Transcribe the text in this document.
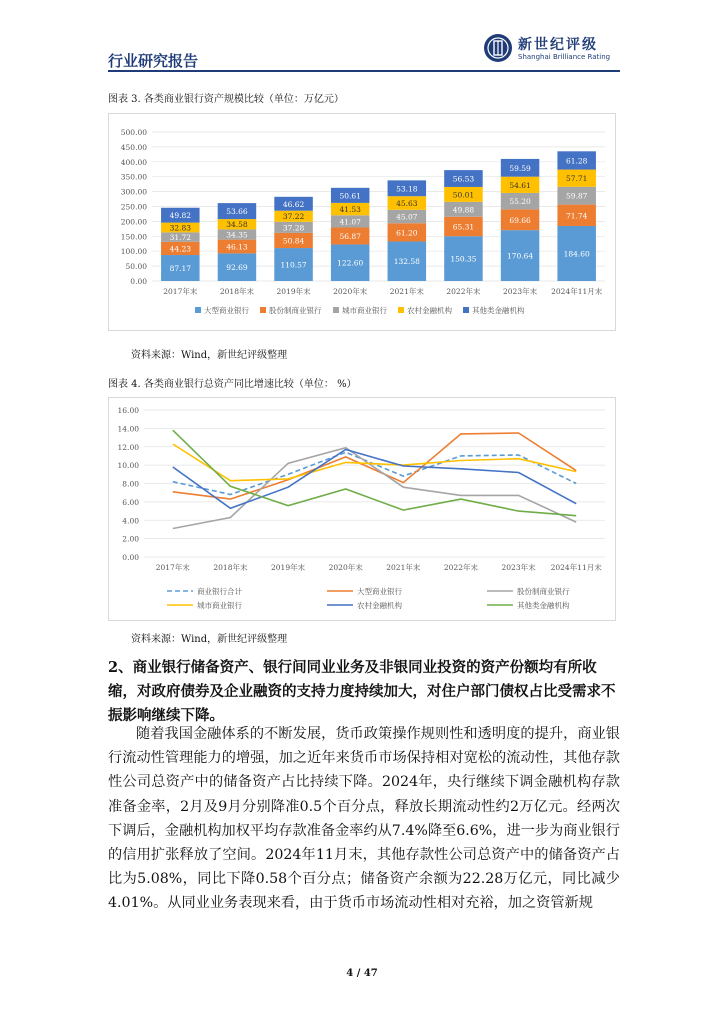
行业研究报告
新世纪评级
Shanghai Brilliance Rating
图表 3. 各类商业银行资产规模比较（单位：万亿元）
0.00
50.00
100.00
150.00
200.00
250.00
300.00
350.00
400.00
450.00
500.00
87.17
44.23
31.72
32.83
49.82
2017年末
92.69
46.13
34.35
34.58
53.66
2018年末
110.57
50.84
37.28
37.22
46.62
2019年末
122.60
56.87
41.07
41.53
50.61
2020年末
132.58
61.20
45.07
45.63
53.18
2021年末
150.35
65.31
49.88
50.01
56.53
2022年末
170.64
69.66
55.20
54.61
59.59
2023年末
184.60
71.74
59.87
57.71
61.28
2024年11月末
大型商业银行	股份制商业银行	城市商业银行	农村金融机构	其他类金融机构
资料来源：Wind，新世纪评级整理
图表 4. 各类商业银行总资产同比增速比较（单位： %）
0.00
2.00
4.00
6.00
8.00
10.00
12.00
14.00
16.00
2017年末	2018年末	2019年末	2020年末	2021年末	2022年末	2023年末 2024年11月末
商业银行合计	大型商业银行	股份制商业银行
城市商业银行	农村金融机构	其他类金融机构
资料来源：Wind，新世纪评级整理
2、商业银行储备资产、银行间同业业务及非银同业投资的资产份额均有所收缩，对政府债券及企业融资的支持力度持续加大，对住户部门债权占比受需求不振影响继续下降。
随着我国金融体系的不断发展，货币政策操作规则性和透明度的提升，商业银行流动性管理能力的增强，加之近年来货币市场保持相对宽松的流动性，其他存款性公司总资产中的储备资产占比持续下降。2024年，央行继续下调金融机构存款准备金率，2月及9月分别降准0.5个百分点，释放长期流动性约2万亿元。经两次下调后，金融机构加权平均存款准备金率约从7.4%降至6.6%，进一步为商业银行的信用扩张释放了空间。2024年11月末，其他存款性公司总资产中的储备资产占比为5.08%，同比下降0.58个百分点；储备资产余额为22.28万亿元，同比减少4.01%。从同业业务表现来看，由于货币市场流动性相对充裕，加之资管新规
4 / 47
